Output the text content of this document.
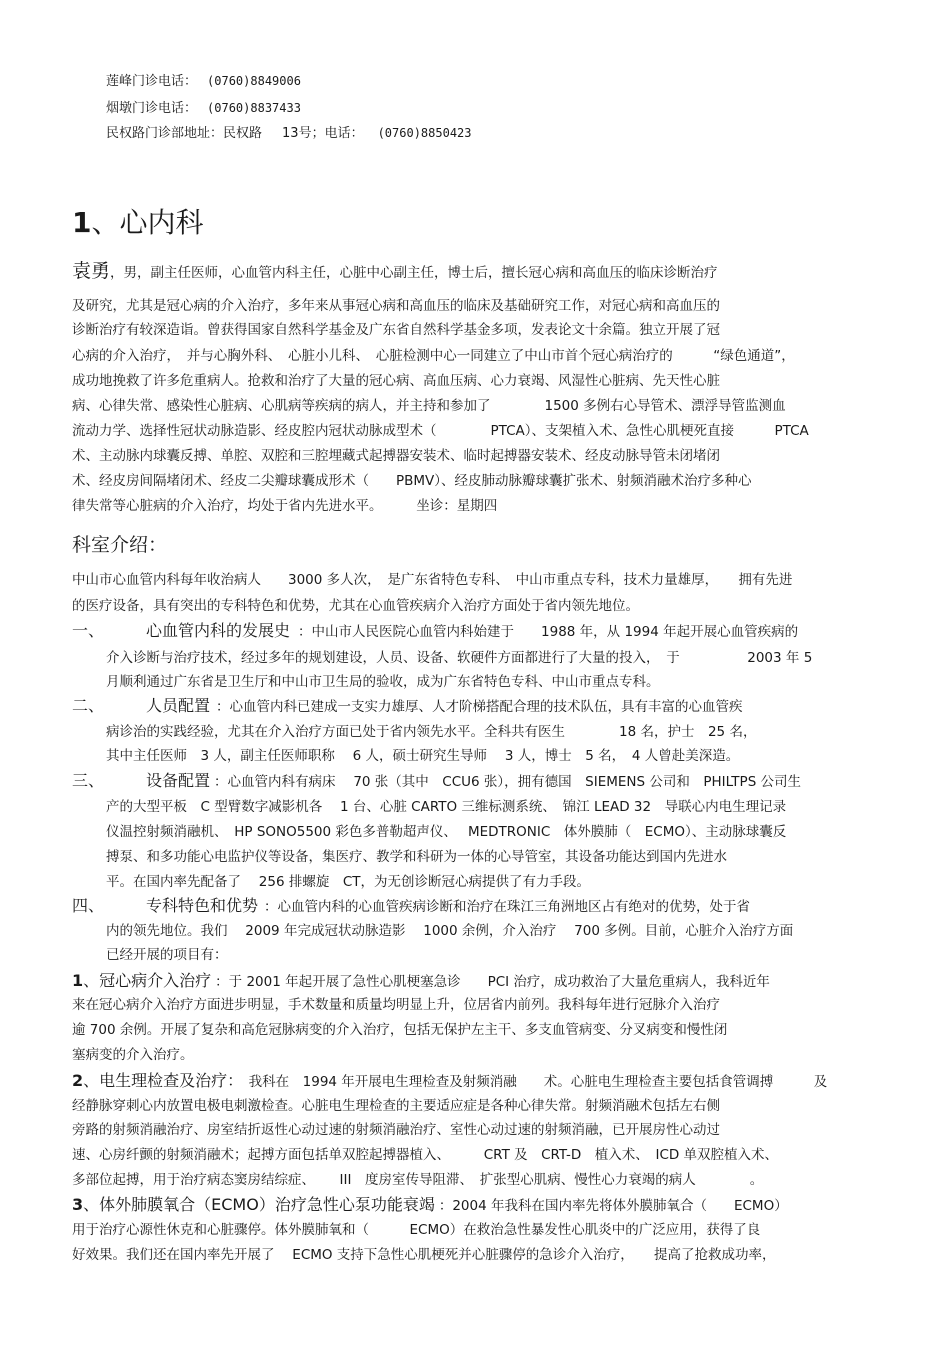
莲峰门诊电话： (0760)8849006
烟墩门诊电话： (0760)8837433
民权路门诊部地址：民权路 13号；电话： (0760)8850423
1、心内科
袁勇，男，副主任医师，心血管内科主任，心脏中心副主任，博士后，擅长冠心病和高血压的临床诊断治疗
及研究，尤其是冠心病的介入治疗，多年来从事冠心病和高血压的临床及基础研究工作，对冠心病和高血压的
诊断治疗有较深造诣。曾获得国家自然科学基金及广东省自然科学基金多项，发表论文十余篇。独立开展了冠
心病的介入治疗，　并与心胸外科、　心脏小儿科、　心脏检测中心一同建立了中山市首个冠心病治疗的　　　“绿色通道”，
成功地挽救了许多危重病人。抢救和治疗了大量的冠心病、高血压病、心力衰竭、风湿性心脏病、先天性心脏
病、心律失常、感染性心脏病、心肌病等疾病的病人，并主持和参加了　　　　1500 多例右心导管术、漂浮导管监测血
流动力学、选择性冠状动脉造影、经皮腔内冠状动脉成型术（　　　　PTCA）、支架植入术、急性心肌梗死直接　　　PTCA
术、主动脉内球囊反搏、单腔、双腔和三腔埋藏式起搏器安装术、临时起搏器安装术、经皮动脉导管未闭堵闭
术、经皮房间隔堵闭术、经皮二尖瓣球囊成形术（　　PBMV）、经皮肺动脉瓣球囊扩张术、射频消融术治疗多种心
律失常等心脏病的介入治疗，均处于省内先进水平。　　　坐诊：星期四
科室介绍：
中山市心血管内科每年收治病人　　3000 多人次，　是广东省特色专科、　中山市重点专科，技术力量雄厚，　　拥有先进
的医疗设备，具有突出的专科特色和优势，尤其在心血管疾病介入治疗方面处于省内领先地位。
一、	心血管内科的发展史 ：中山市人民医院心血管内科始建于　　1988 年，从 1994 年起开展心血管疾病的
介入诊断与治疗技术，经过多年的规划建设，人员、设备、软硬件方面都进行了大量的投入，　于　　　　　2003 年 5
月顺利通过广东省是卫生厅和中山市卫生局的验收，成为广东省特色专科、中山市重点专科。
二、	人员配置 ：心血管内科已建成一支实力雄厚、人才阶梯搭配合理的技术队伍，具有丰富的心血管疾
病诊治的实践经验，尤其在介入治疗方面已处于省内领先水平。全科共有医生　　　　18 名，护士　25 名，
其中主任医师　3 人，副主任医师职称　 6 人，硕士研究生导师　 3 人，博士　5 名，　4 人曾赴美深造。
三、	设备配置 ：心血管内科有病床　 70 张（其中　CCU6 张），拥有德国　SIEMENS 公司和　PHILTPS 公司生
产的大型平板　C 型臂数字减影机各　 1 台、心脏 CARTO 三维标测系统、　锦江 LEAD 32　导联心内电生理记录
仪温控射频消融机、　HP SONO5500 彩色多普勒超声仪、　 MEDTRONIC　体外膜肺（　ECMO）、主动脉球囊反
搏泵、和多功能心电监护仪等设备，集医疗、教学和科研为一体的心导管室，其设备功能达到国内先进水
平。在国内率先配备了　 256 排螺旋　CT，为无创诊断冠心病提供了有力手段。
四、	专科特色和优势 ：心血管内科的心血管疾病诊断和治疗在珠江三角洲地区占有绝对的优势，处于省
内的领先地位。我们　 2009 年完成冠状动脉造影　 1000 余例，介入治疗　 700 多例。目前，心脏介入治疗方面
已经开展的项目有：
1、冠心病介入治疗 ：于 2001 年起开展了急性心肌梗塞急诊　　PCI 治疗，成功救治了大量危重病人，我科近年
来在冠心病介入治疗方面进步明显，手术数量和质量均明显上升，位居省内前列。我科每年进行冠脉介入治疗
逾 700 余例。开展了复杂和高危冠脉病变的介入治疗，包括无保护左主干、多支血管病变、分叉病变和慢性闭
塞病变的介入治疗。
2、电生理检查及治疗：　我科在　1994 年开展电生理检查及射频消融　　术。心脏电生理检查主要包括食管调搏　　　及
经静脉穿刺心内放置电极电刺激检查。心脏电生理检查的主要适应症是各种心律失常。射频消融术包括左右侧
旁路的射频消融治疗、房室结折返性心动过速的射频消融治疗、室性心动过速的射频消融，已开展房性心动过
速、心房纤颤的射频消融术；起搏方面包括单双腔起搏器植入、　　　CRT 及　CRT-D　植入术、　ICD 单双腔植入术、
多部位起搏，用于治疗病态窦房结综症、　　 III　度房室传导阻滞、　扩张型心肌病、慢性心力衰竭的病人　　　　。
3、体外肺膜氧合（ECMO）治疗急性心泵功能衰竭 ：2004 年我科在国内率先将体外膜肺氧合（　　ECMO）
用于治疗心源性休克和心脏骤停。体外膜肺氧和（　　　ECMO）在救治急性暴发性心肌炎中的广泛应用，获得了良
好效果。我们还在国内率先开展了　 ECMO 支持下急性心肌梗死并心脏骤停的急诊介入治疗，　　提高了抢救成功率，
